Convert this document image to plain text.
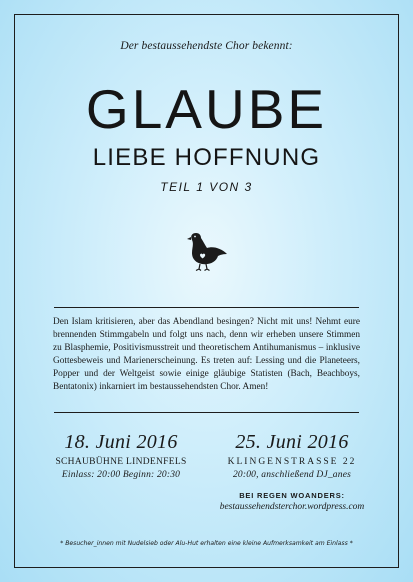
Der bestaussehendste Chor bekennt:
GLAUBE
LIEBE HOFFNUNG
TEIL 1 VON 3
Den Islam kritisieren, aber das Abendland besingen? Nicht mit uns! Nehmt eure brennenden Stimmgabeln und folgt uns nach, denn wir erheben unsere Stimmen zu Blasphemie, Positivismusstreit und theoretischem Antihumanismus – inklusive Gottesbeweis und Marienerscheinung. Es treten auf: Lessing und die Planeteers, Popper und der Weltgeist sowie einige gläubige Statisten (Bach, Beachboys, Bentatonix) inkarniert im bestaussehendsten Chor. Amen!
18. Juni 2016
SCHAUBÜHNE LINDENFELS
Einlass: 20:00 Beginn: 20:30
25. Juni 2016
KLINGENSTRASSE 22
20:00, anschließend DJ_anes
BEI REGEN WOANDERS:
bestaussehendsterchor.wordpress.com
* Besucher_innen mit Nudelsieb oder Alu-Hut erhalten eine kleine Aufmerksamkeit am Einlass *
